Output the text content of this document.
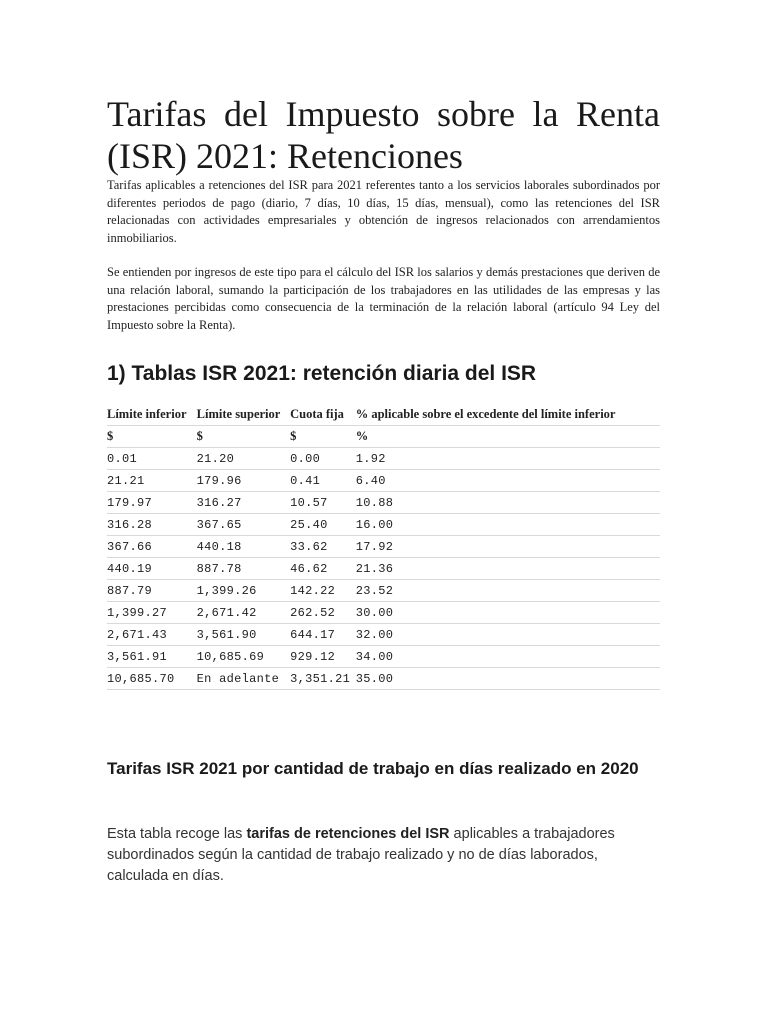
Tarifas del Impuesto sobre la Renta (ISR) 2021: Retenciones

Tarifas aplicables a retenciones del ISR para 2021 referentes tanto a los servicios laborales subordinados por diferentes periodos de pago (diario, 7 días, 10 días, 15 días, mensual), como las retenciones del ISR relacionadas con actividades empresariales y obtención de ingresos relacionados con arrendamientos inmobiliarios.

Se entienden por ingresos de este tipo para el cálculo del ISR los salarios y demás prestaciones que deriven de una relación laboral, sumando la participación de los trabajadores en las utilidades de las empresas y las prestaciones percibidas como consecuencia de la terminación de la relación laboral (artículo 94 Ley del Impuesto sobre la Renta).

1) Tablas ISR 2021: retención diaria del ISR
Límite inferior	Límite superior	Cuota fija	% aplicable sobre el excedente del límite inferior
$	$	$	%
0.01	21.20	0.00	1.92
21.21	179.96	0.41	6.40
179.97	316.27	10.57	10.88
316.28	367.65	25.40	16.00
367.66	440.18	33.62	17.92
440.19	887.78	46.62	21.36
887.79	1,399.26	142.22	23.52
1,399.27	2,671.42	262.52	30.00
2,671.43	3,561.90	644.17	32.00
3,561.91	10,685.69	929.12	34.00
10,685.70	En adelante	3,351.21	35.00
Tarifas ISR 2021 por cantidad de trabajo en días realizado en 2020

Esta tabla recoge las tarifas de retenciones del ISR aplicables a trabajadores subordinados según la cantidad de trabajo realizado y no de días laborados, calculada en días.
